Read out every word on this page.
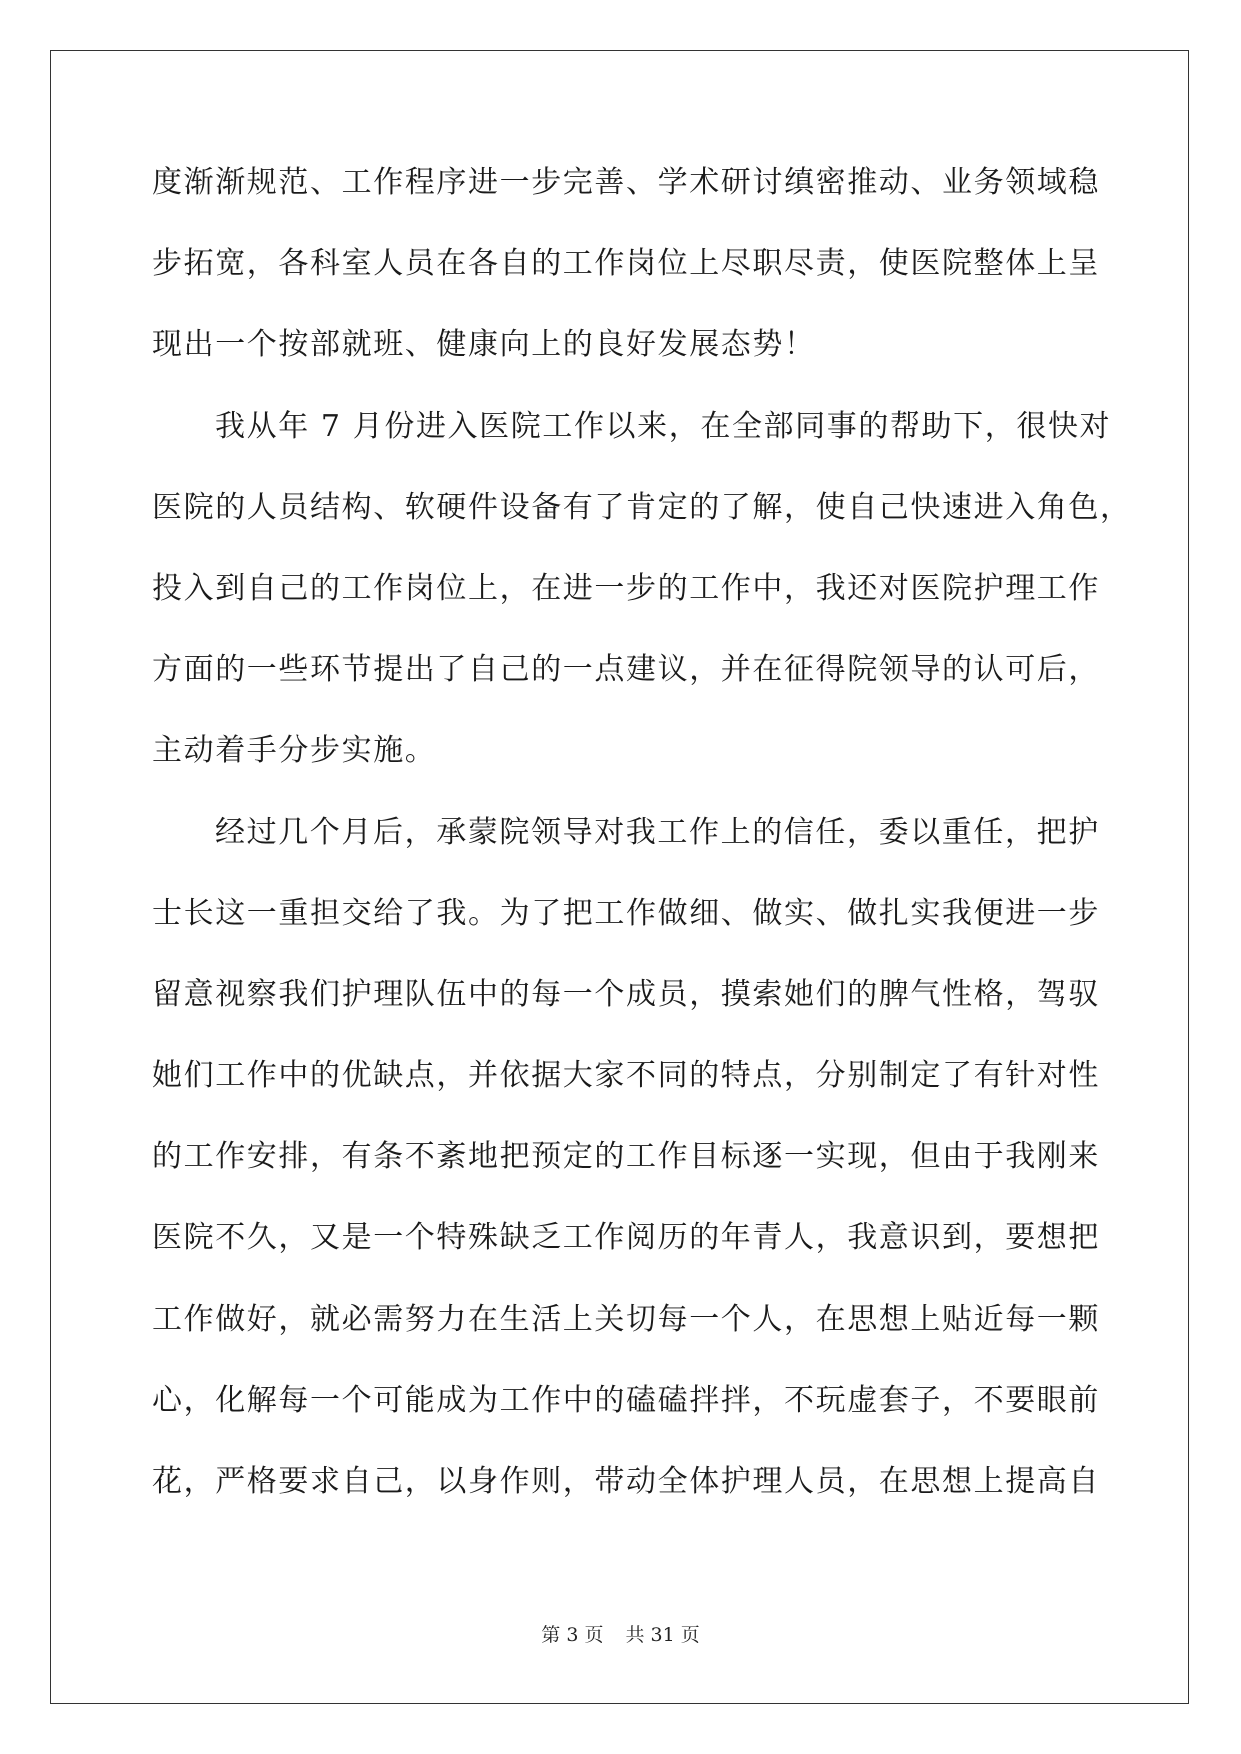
度渐渐规范、工作程序进一步完善、学术研讨缜密推动、业务领域稳
步拓宽，各科室人员在各自的工作岗位上尽职尽责，使医院整体上呈
现出一个按部就班、健康向上的良好发展态势！
我从年 7 月份进入医院工作以来，在全部同事的帮助下，很快对
医院的人员结构、软硬件设备有了肯定的了解，使自己快速进入角色，
投入到自己的工作岗位上，在进一步的工作中，我还对医院护理工作
方面的一些环节提出了自己的一点建议，并在征得院领导的认可后，
主动着手分步实施。
经过几个月后，承蒙院领导对我工作上的信任，委以重任，把护
士长这一重担交给了我。为了把工作做细、做实、做扎实我便进一步
留意视察我们护理队伍中的每一个成员，摸索她们的脾气性格，驾驭
她们工作中的优缺点，并依据大家不同的特点，分别制定了有针对性
的工作安排，有条不紊地把预定的工作目标逐一实现，但由于我刚来
医院不久，又是一个特殊缺乏工作阅历的年青人，我意识到，要想把
工作做好，就必需努力在生活上关切每一个人，在思想上贴近每一颗
心，化解每一个可能成为工作中的磕磕拌拌，不玩虚套子，不要眼前
花，严格要求自己，以身作则，带动全体护理人员，在思想上提高自
第 3 页 共 31 页
